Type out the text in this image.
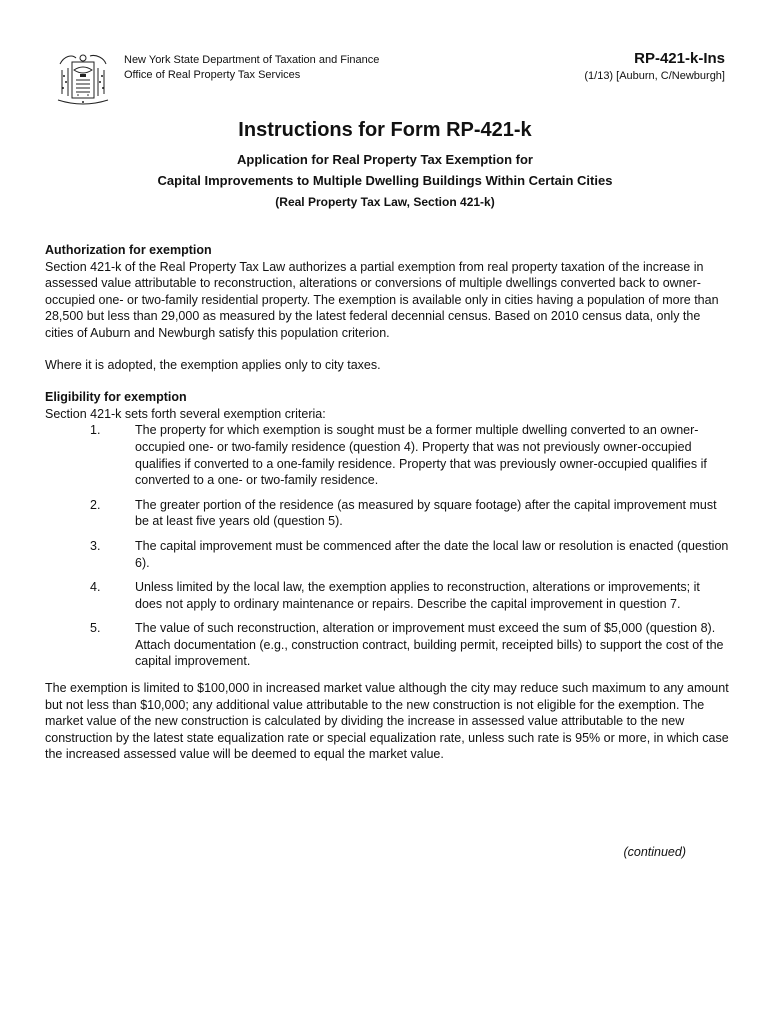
New York State Department of Taxation and Finance
Office of Real Property Tax Services
RP-421-k-Ins
(1/13) [Auburn, C/Newburgh]
Instructions for Form RP-421-k
Application for Real Property Tax Exemption for
Capital Improvements to Multiple Dwelling Buildings Within Certain Cities
(Real Property Tax Law, Section 421-k)
Authorization for exemption

Section 421-k of the Real Property Tax Law authorizes a partial exemption from real property taxation of the increase in assessed value attributable to reconstruction, alterations or conversions of multiple dwellings converted back to owner-occupied one- or two-family residential property. The exemption is available only in cities having a population of more than 28,500 but less than 29,000 as measured by the latest federal decennial census. Based on 2010 census data, only the cities of Auburn and Newburgh satisfy this population criterion.

Where it is adopted, the exemption applies only to city taxes.

Eligibility for exemption

Section 421-k sets forth several exemption criteria:

1.	The property for which exemption is sought must be a former multiple dwelling converted to an owner-occupied one- or two-family residence (question 4). Property that was not previously owner-occupied qualifies if converted to a one-family residence. Property that was previously owner-occupied qualifies if converted to a one- or two-family residence.
2.	The greater portion of the residence (as measured by square footage) after the capital improvement must be at least five years old (question 5).
3.	The capital improvement must be commenced after the date the local law or resolution is enacted (question 6).
4.	Unless limited by the local law, the exemption applies to reconstruction, alterations or improvements; it does not apply to ordinary maintenance or repairs. Describe the capital improvement in question 7.
5.	The value of such reconstruction, alteration or improvement must exceed the sum of $5,000 (question 8). Attach documentation (e.g., construction contract, building permit, receipted bills) to support the cost of the capital improvement.

The exemption is limited to $100,000 in increased market value although the city may reduce such maximum to any amount but not less than $10,000; any additional value attributable to the new construction is not eligible for the exemption. The market value of the new construction is calculated by dividing the increase in assessed value attributable to the new construction by the latest state equalization rate or special equalization rate, unless such rate is 95% or more, in which case the increased assessed value will be deemed to equal the market value.

(continued)
